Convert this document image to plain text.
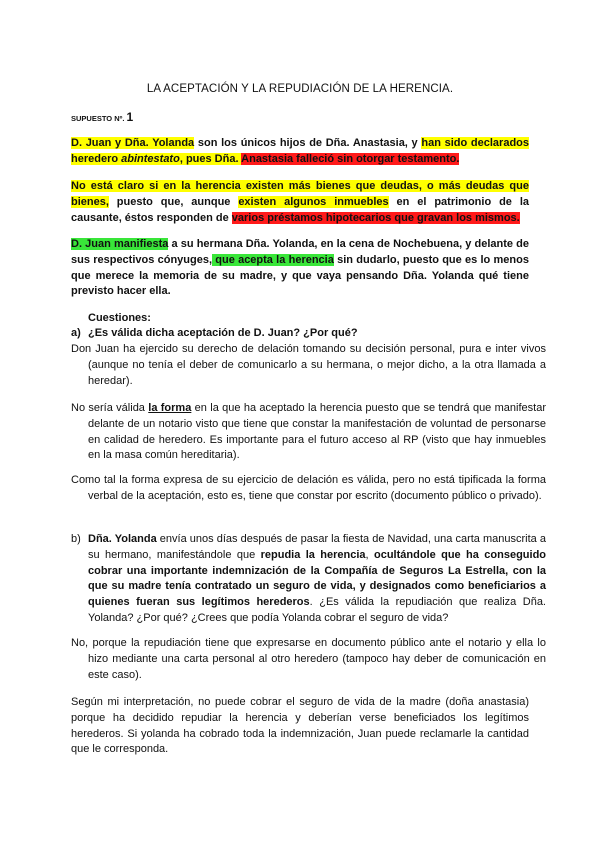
LA ACEPTACIÓN Y LA REPUDIACIÓN DE LA HERENCIA.
SUPUESTO Nº. 1
D. Juan y Dña. Yolanda son los únicos hijos de Dña. Anastasia, y han sido declarados heredero abintestato, pues Dña. Anastasia falleció sin otorgar testamento.
No está claro si en la herencia existen más bienes que deudas, o más deudas que bienes, puesto que, aunque existen algunos inmuebles en el patrimonio de la causante, éstos responden de varios préstamos hipotecarios que gravan los mismos.
D. Juan manifiesta a su hermana Dña. Yolanda, en la cena de Nochebuena, y delante de sus respectivos cónyuges, que acepta la herencia sin dudarlo, puesto que es lo menos que merece la memoria de su madre, y que vaya pensando Dña. Yolanda qué tiene previsto hacer ella.
Cuestiones:
a) ¿Es válida dicha aceptación de D. Juan? ¿Por qué?
Don Juan ha ejercido su derecho de delación tomando su decisión personal, pura e inter vivos (aunque no tenía el deber de comunicarlo a su hermana, o mejor dicho, a la otra llamada a heredar).
No sería válida la forma en la que ha aceptado la herencia puesto que se tendrá que manifestar delante de un notario visto que tiene que constar la manifestación de voluntad de personarse en calidad de heredero. Es importante para el futuro acceso al RP (visto que hay inmuebles en la masa común hereditaria).
Como tal la forma expresa de su ejercicio de delación es válida, pero no está tipificada la forma verbal de la aceptación, esto es, tiene que constar por escrito (documento público o privado).
b) Dña. Yolanda envía unos días después de pasar la fiesta de Navidad, una carta manuscrita a su hermano, manifestándole que repudia la herencia, ocultándole que ha conseguido cobrar una importante indemnización de la Compañía de Seguros La Estrella, con la que su madre tenía contratado un seguro de vida, y designados como beneficiarios a quienes fueran sus legítimos herederos. ¿Es válida la repudiación que realiza Dña. Yolanda? ¿Por qué? ¿Crees que podía Yolanda cobrar el seguro de vida?
No, porque la repudiación tiene que expresarse en documento público ante el notario y ella lo hizo mediante una carta personal al otro heredero (tampoco hay deber de comunicación en este caso).
Según mi interpretación, no puede cobrar el seguro de vida de la madre (doña anastasia) porque ha decidido repudiar la herencia y deberían verse beneficiados los legítimos herederos. Si yolanda ha cobrado toda la indemnización, Juan puede reclamarle la cantidad que le corresponda.
